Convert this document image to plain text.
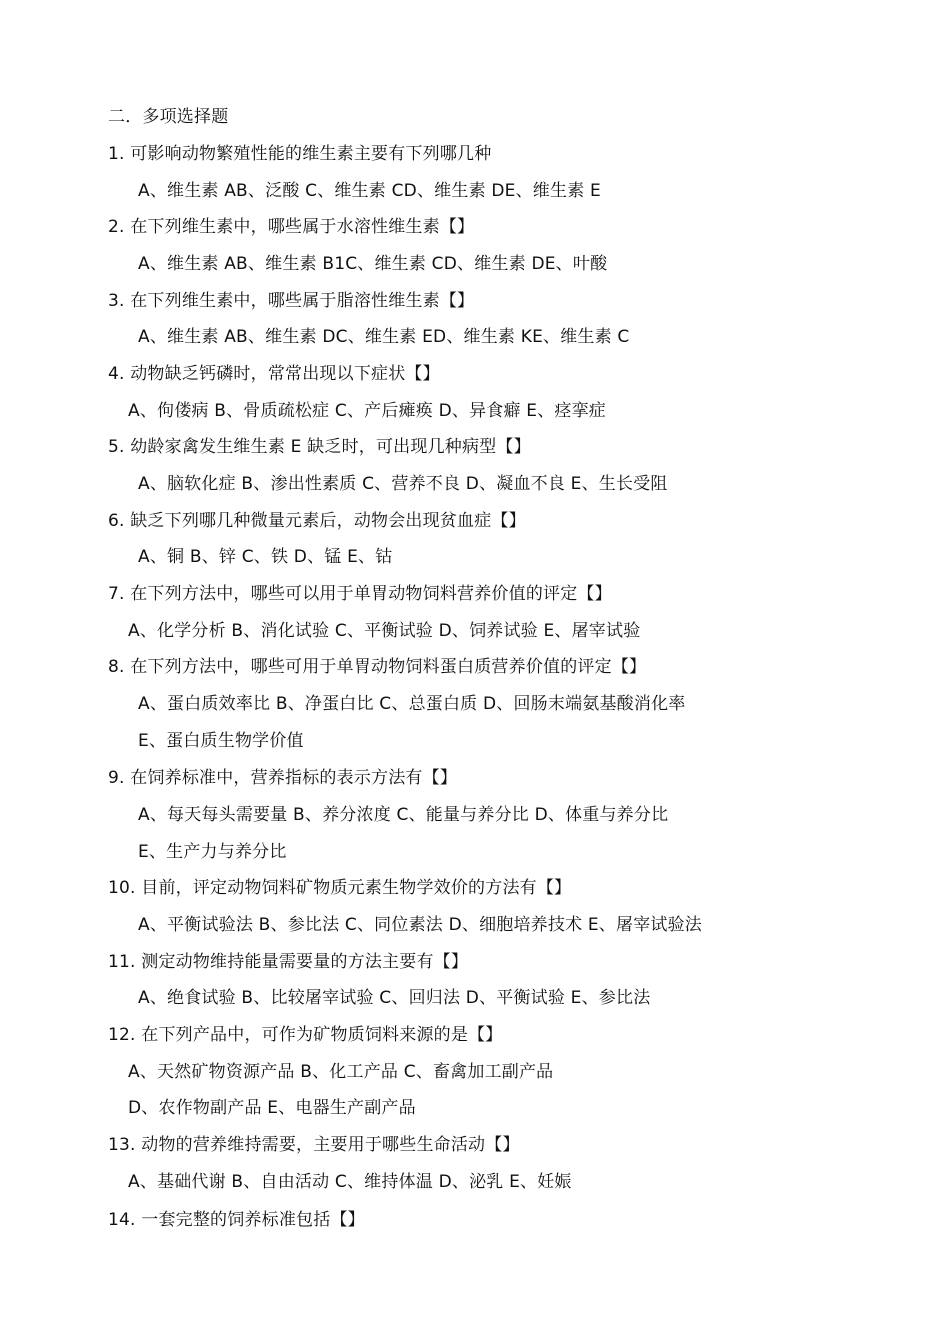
二．多项选择题
1. 可影响动物繁殖性能的维生素主要有下列哪几种
A、维生素 AB、泛酸 C、维生素 CD、维生素 DE、维生素 E
2. 在下列维生素中，哪些属于水溶性维生素【】
A、维生素 AB、维生素 B1C、维生素 CD、维生素 DE、叶酸
3. 在下列维生素中，哪些属于脂溶性维生素【】
A、维生素 AB、维生素 DC、维生素 ED、维生素 KE、维生素 C
4. 动物缺乏钙磷时，常常出现以下症状【】
A、佝偻病 B、骨质疏松症 C、产后瘫痪 D、异食癖 E、痉挛症
5. 幼龄家禽发生维生素 E 缺乏时，可出现几种病型【】
A、脑软化症 B、渗出性素质 C、营养不良 D、凝血不良 E、生长受阻
6. 缺乏下列哪几种微量元素后，动物会出现贫血症【】
A、铜 B、锌 C、铁 D、锰 E、钴
7. 在下列方法中，哪些可以用于单胃动物饲料营养价值的评定【】
A、化学分析 B、消化试验 C、平衡试验 D、饲养试验 E、屠宰试验
8. 在下列方法中，哪些可用于单胃动物饲料蛋白质营养价值的评定【】
A、蛋白质效率比 B、净蛋白比 C、总蛋白质 D、回肠末端氨基酸消化率
E、蛋白质生物学价值
9. 在饲养标准中，营养指标的表示方法有【】
A、每天每头需要量 B、养分浓度 C、能量与养分比 D、体重与养分比
E、生产力与养分比
10. 目前，评定动物饲料矿物质元素生物学效价的方法有【】
A、平衡试验法 B、参比法 C、同位素法 D、细胞培养技术 E、屠宰试验法
11. 测定动物维持能量需要量的方法主要有【】
A、绝食试验 B、比较屠宰试验 C、回归法 D、平衡试验 E、参比法
12. 在下列产品中，可作为矿物质饲料来源的是【】
A、天然矿物资源产品 B、化工产品 C、畜禽加工副产品
D、农作物副产品 E、电器生产副产品
13. 动物的营养维持需要，主要用于哪些生命活动【】
A、基础代谢 B、自由活动 C、维持体温 D、泌乳 E、妊娠
14. 一套完整的饲养标准包括【】
